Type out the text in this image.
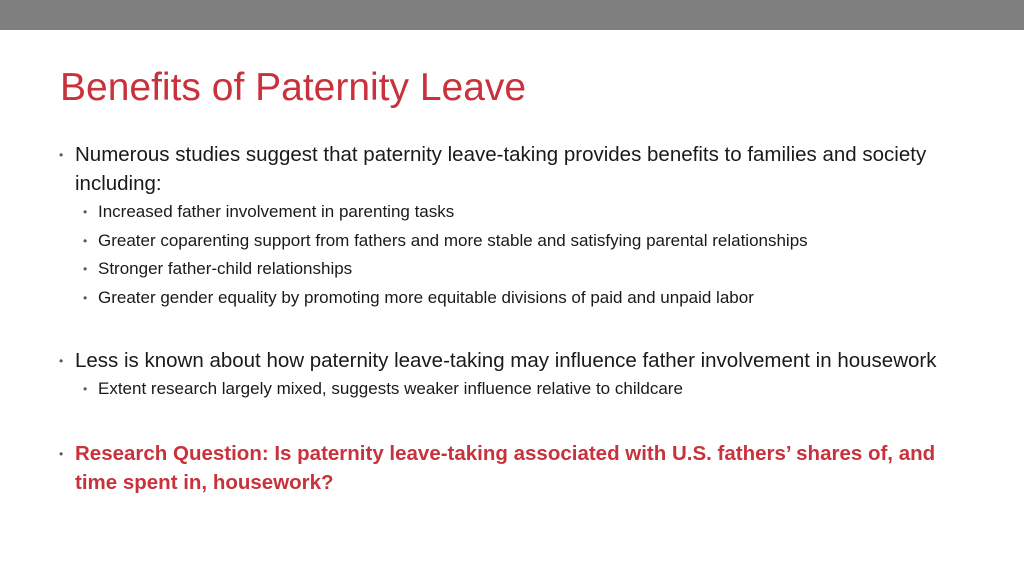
Benefits of Paternity Leave
• Numerous studies suggest that paternity leave-taking provides benefits to families and society including:
• Increased father involvement in parenting tasks
• Greater coparenting support from fathers and more stable and satisfying parental relationships
• Stronger father-child relationships
• Greater gender equality by promoting more equitable divisions of paid and unpaid labor
• Less is known about how paternity leave-taking may influence father involvement in housework
• Extent research largely mixed, suggests weaker influence relative to childcare
• Research Question: Is paternity leave-taking associated with U.S. fathers’ shares of, and time spent in, housework?
